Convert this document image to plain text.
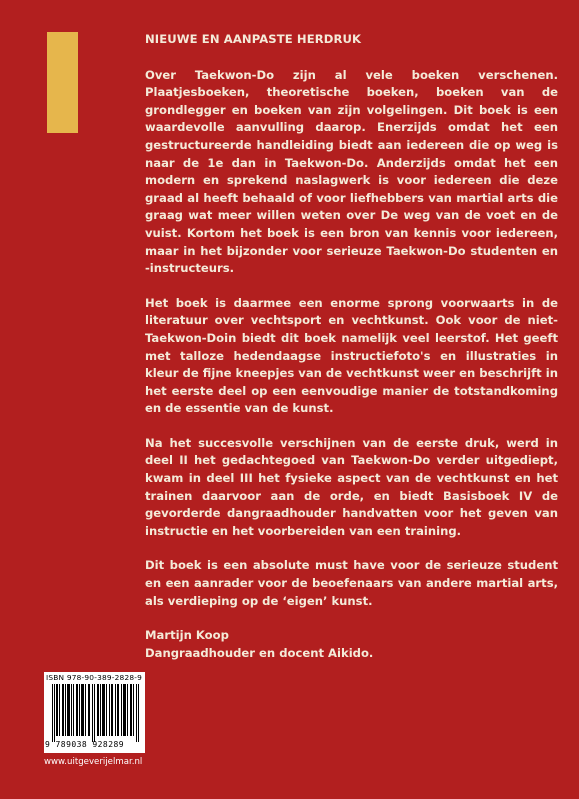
NIEUWE EN AANPASTE HERDRUK

Over Taekwon-Do zijn al vele boeken verschenen. Plaatjesboeken, theoretische boeken, boeken van de grondlegger en boeken van zijn volgelingen. Dit boek is een waardevolle aanvulling daarop. Enerzijds omdat het een gestructureerde handleiding biedt aan iedereen die op weg is naar de 1e dan in Taekwon-Do. Anderzijds omdat het een modern en sprekend naslagwerk is voor iedereen die deze graad al heeft behaald of voor liefhebbers van martial arts die graag wat meer willen weten over De weg van de voet en de vuist. Kortom het boek is een bron van kennis voor iedereen, maar in het bijzonder voor serieuze Taekwon-Do studenten en -instructeurs.

Het boek is daarmee een enorme sprong voorwaarts in de literatuur over vechtsport en vechtkunst. Ook voor de niet-Taekwon-Doin biedt dit boek namelijk veel leerstof. Het geeft met talloze hedendaagse instructiefoto's en illustraties in kleur de fijne kneepjes van de vechtkunst weer en beschrijft in het eerste deel op een eenvoudige manier de totstandkoming en de essentie van de kunst.

Na het succesvolle verschijnen van de eerste druk, werd in deel II het gedachtegoed van Taekwon-Do verder uitgediept, kwam in deel III het fysieke aspect van de vechtkunst en het trainen daarvoor aan de orde, en biedt Basisboek IV de gevorderde dangraadhouder handvatten voor het geven van instructie en het voorbereiden van een training.

Dit boek is een absolute must have voor de serieuze student en een aanrader voor de beoefenaars van andere martial arts, als verdieping op de ‘eigen’ kunst.

Martijn Koop

Dangraadhouder en docent Aikido.

ISBN 978-90-389-2828-9
9 789038 928289
www.uitgeverijelmar.nl
